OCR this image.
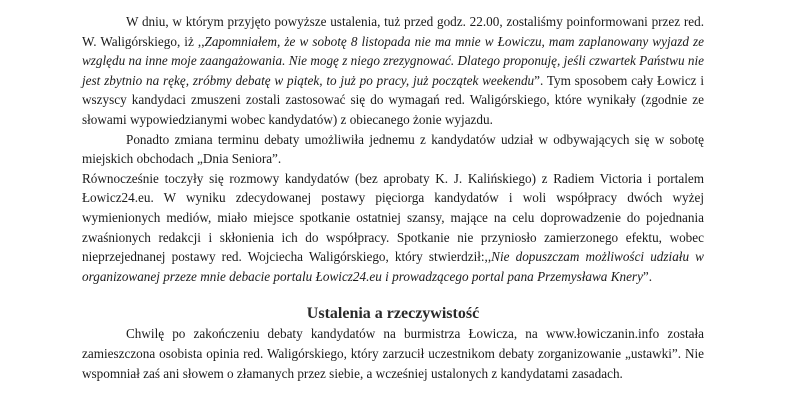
W dniu, w którym przyjęto powyższe ustalenia, tuż przed godz. 22.00, zostaliśmy poinformowani przez red. W. Waligórskiego, iż ,,Zapomniałem, że w sobotę 8 listopada nie ma mnie w Łowiczu, mam zaplanowany wyjazd ze względu na inne moje zaangażowania. Nie mogę z niego zrezygnować. Dlatego proponuję, jeśli czwartek Państwu nie jest zbytnio na rękę, zróbmy debatę w piątek, to już po pracy, już początek weekendu”. Tym sposobem cały Łowicz i wszyscy kandydaci zmuszeni zostali zastosować się do wymagań red. Waligórskiego, które wynikały (zgodnie ze słowami wypowiedzianymi wobec kandydatów) z obiecanego żonie wyjazdu.

Ponadto zmiana terminu debaty umożliwiła jednemu z kandydatów udział w odbywających się w sobotę miejskich obchodach „Dnia Seniora”.

Równocześnie toczyły się rozmowy kandydatów (bez aprobaty K. J. Kalińskiego) z Radiem Victoria i portalem Łowicz24.eu. W wyniku zdecydowanej postawy pięciorga kandydatów i woli współpracy dwóch wyżej wymienionych mediów, miało miejsce spotkanie ostatniej szansy, mające na celu doprowadzenie do pojednania zwaśnionych redakcji i skłonienia ich do współpracy. Spotkanie nie przyniosło zamierzonego efektu, wobec nieprzejednanej postawy red. Wojciecha Waligórskiego, który stwierdził:,,Nie dopuszczam możliwości udziału w organizowanej przeze mnie debacie portalu Łowicz24.eu i prowadzącego portal pana Przemysława Knery”.

Ustalenia a rzeczywistość

Chwilę po zakończeniu debaty kandydatów na burmistrza Łowicza, na www.łowiczanin.info została zamieszczona osobista opinia red. Waligórskiego, który zarzucił uczestnikom debaty zorganizowanie „ustawki”. Nie wspomniał zaś ani słowem o złamanych przez siebie, a wcześniej ustalonych z kandydatami zasadach.
